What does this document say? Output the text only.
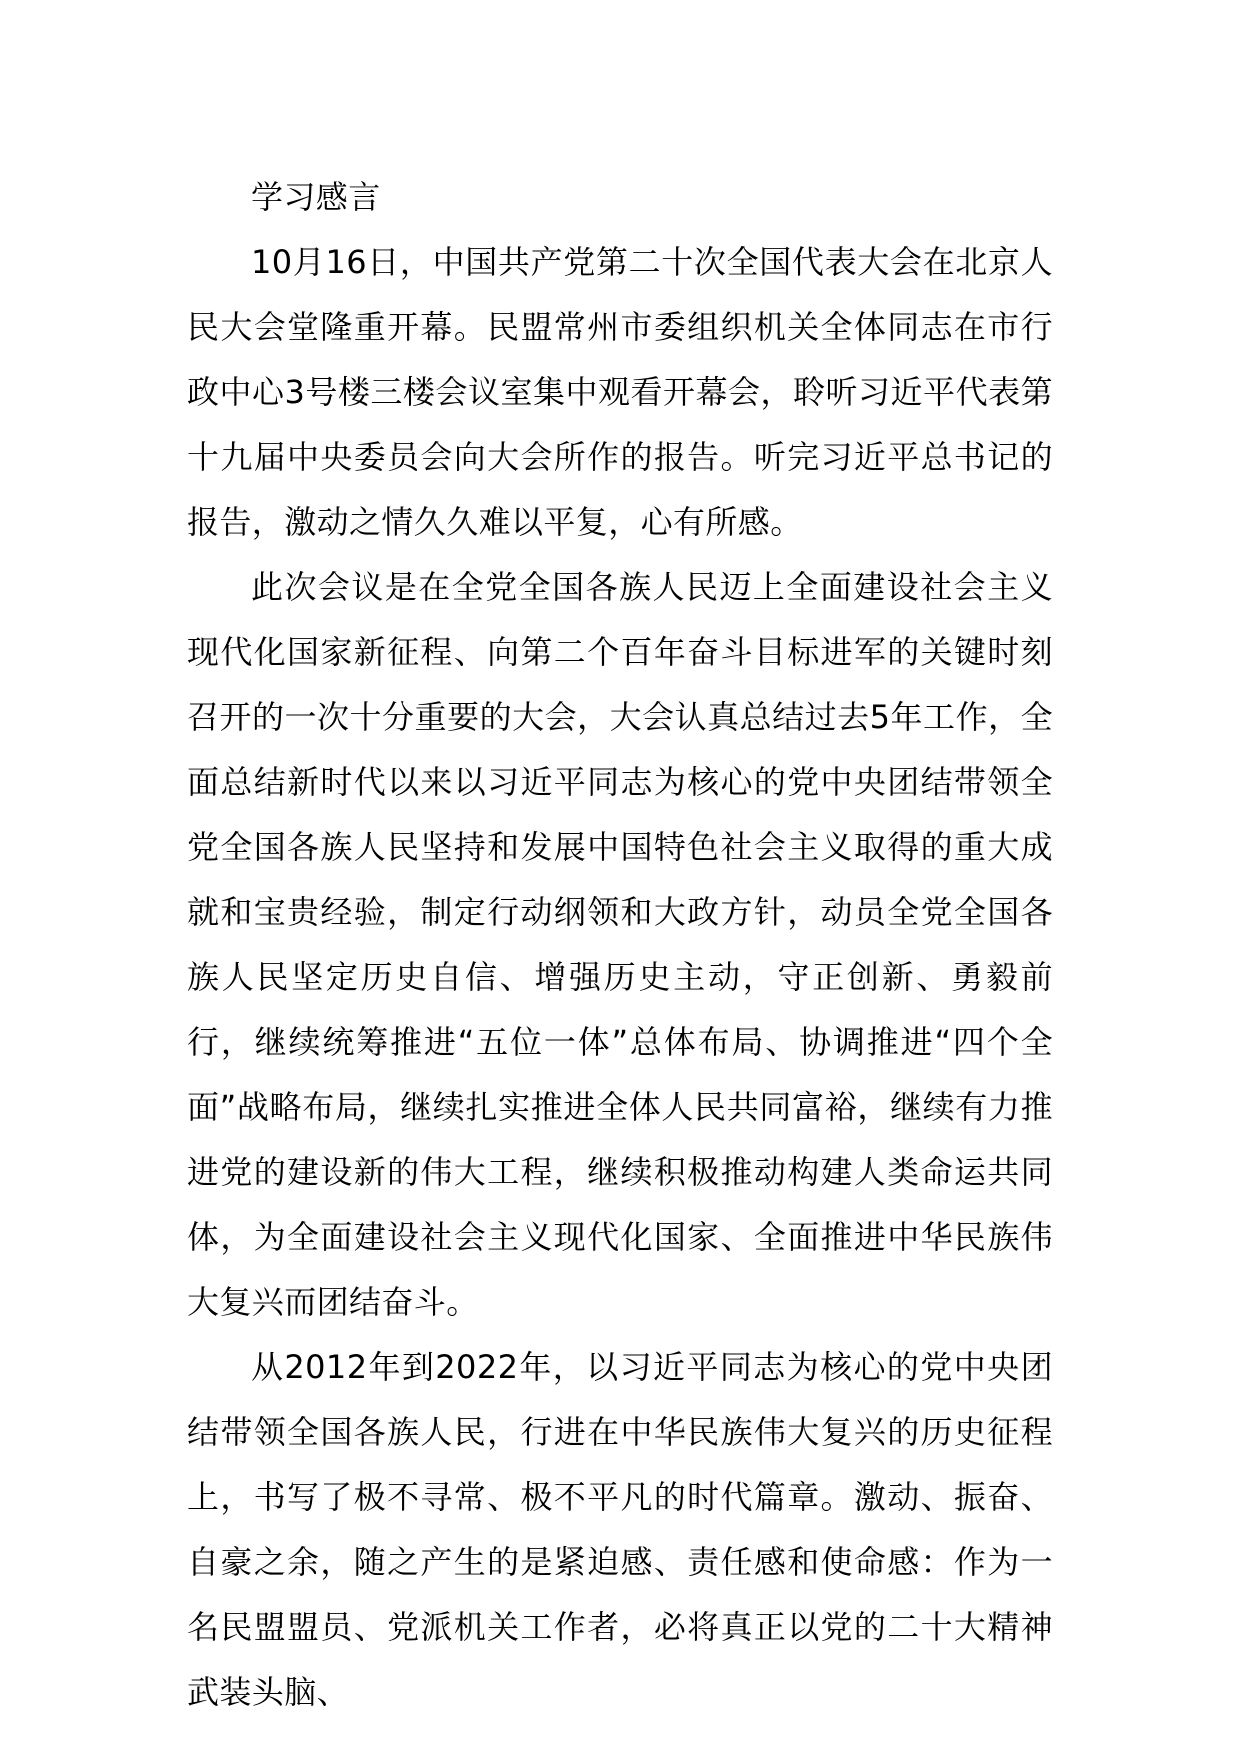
学习感言

10月16日，中国共产党第二十次全国代表大会在北京人民大会堂隆重开幕。民盟常州市委组织机关全体同志在市行政中心3号楼三楼会议室集中观看开幕会，聆听习近平代表第十九届中央委员会向大会所作的报告。听完习近平总书记的报告，激动之情久久难以平复，心有所感。

此次会议是在全党全国各族人民迈上全面建设社会主义现代化国家新征程、向第二个百年奋斗目标进军的关键时刻召开的一次十分重要的大会，大会认真总结过去5年工作，全面总结新时代以来以习近平同志为核心的党中央团结带领全党全国各族人民坚持和发展中国特色社会主义取得的重大成就和宝贵经验，制定行动纲领和大政方针，动员全党全国各族人民坚定历史自信、增强历史主动，守正创新、勇毅前行，继续统筹推进“五位一体”总体布局、协调推进“四个全面”战略布局，继续扎实推进全体人民共同富裕，继续有力推进党的建设新的伟大工程，继续积极推动构建人类命运共同体，为全面建设社会主义现代化国家、全面推进中华民族伟大复兴而团结奋斗。

从2012年到2022年，以习近平同志为核心的党中央团结带领全国各族人民，行进在中华民族伟大复兴的历史征程上，书写了极不寻常、极不平凡的时代篇章。激动、振奋、自豪之余，随之产生的是紧迫感、责任感和使命感：作为一名民盟盟员、党派机关工作者，必将真正以党的二十大精神武装头脑、
